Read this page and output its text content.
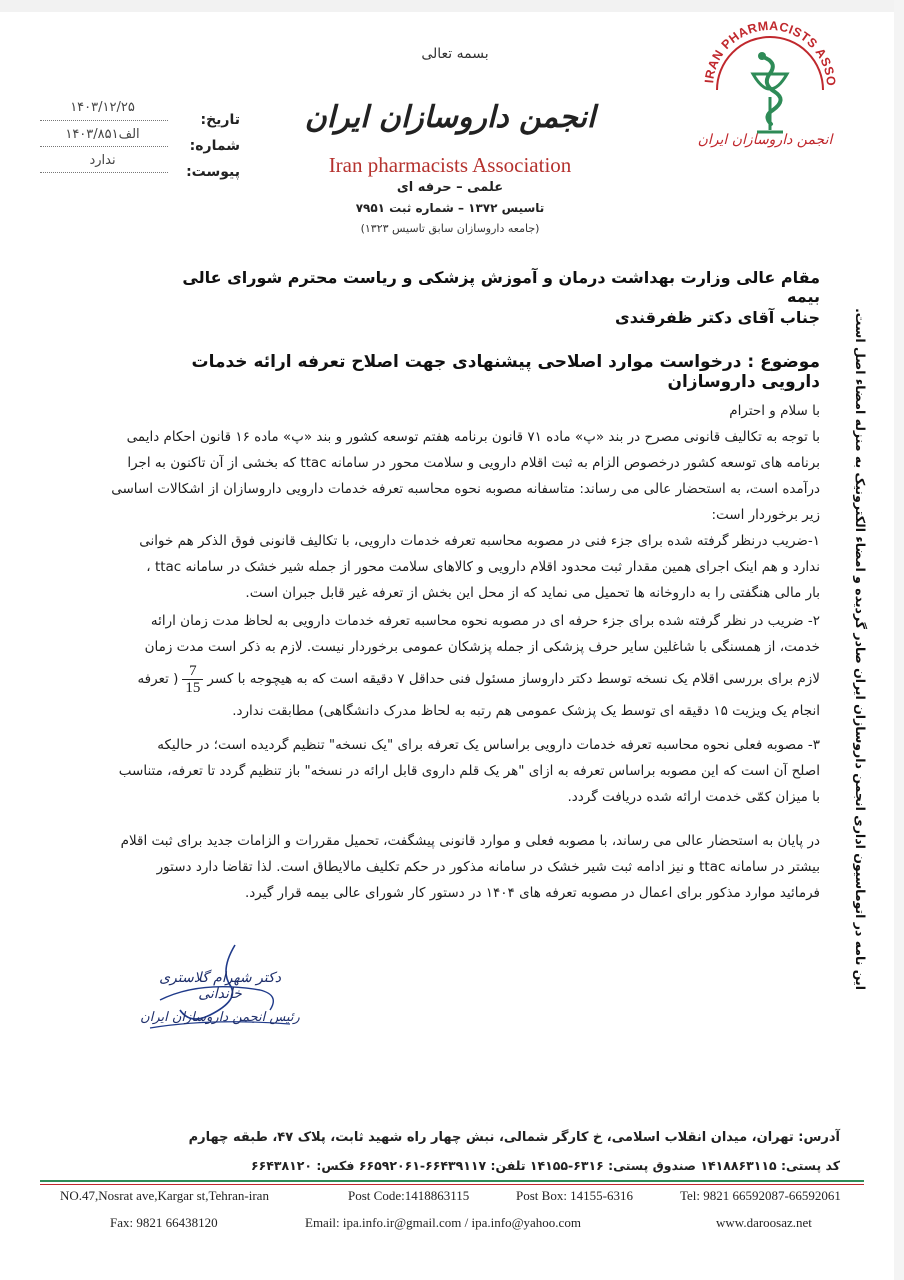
بسمه تعالی
انجمن داروسازان ایران
Iran pharmacists Association
علمی – حرفه ای
تاسیس ۱۳۷۲ – شماره ثبت ۷۹۵۱
(جامعه داروسازان سابق تاسیس ۱۳۲۳)
تاریخ:
۱۴۰۳/۱۲/۲۵
شماره:
۱۴۰۳/۸۵۱الف
پیوست:
ندارد
IRAN PHARMACISTS ASSO
انجمن داروسازان ایران
مقام عالی وزارت بهداشت درمان و آموزش پزشکی و ریاست محترم شورای عالی بیمه
جناب آقای دکتر ظفرقندی
موضوع : درخواست موارد اصلاحی پیشنهادی جهت اصلاح تعرفه ارائه خدمات دارویی داروسازان
با سلام و احترام
با توجه به تکالیف قانونی مصرح در بند «پ» ماده ۷۱ قانون برنامه هفتم توسعه کشور و بند «پ» ماده ۱۶ قانون احکام دایمی
برنامه های توسعه کشور درخصوص الزام به ثبت اقلام دارویی و سلامت محور در سامانه ttac که بخشی از آن تاکنون به اجرا
درآمده است، به استحضار عالی می رساند: متاسفانه مصوبه نحوه محاسبه تعرفه خدمات دارویی داروسازان از اشکالات اساسی
زیر برخوردار است:
۱-ضریب درنظر گرفته شده برای جزء فنی در مصوبه محاسبه تعرفه خدمات دارویی، با تکالیف قانونی فوق الذکر هم خوانی
ندارد و هم اینک اجرای همین مقدار ثبت محدود اقلام دارویی و کالاهای سلامت محور از جمله شیر خشک در سامانه ttac ،
بار مالی هنگفتی را به داروخانه ها تحمیل می نماید که از محل این بخش از تعرفه غیر قابل جبران است.
۲- ضریب در نظر گرفته شده برای جزء حرفه ای در مصوبه نحوه محاسبه تعرفه خدمات دارویی به لحاظ مدت زمان ارائه
خدمت، از همسنگی با شاغلین سایر حرف پزشکی از جمله پزشکان عمومی برخوردار نیست. لازم به ذکر است مدت زمان
لازم برای بررسی اقلام یک نسخه توسط دکتر داروساز مسئول فنی حداقل ۷ دقیقه است که به هیچوجه با کسر
$\frac{7}{15}$
( تعرفه
انجام یک ویزیت ۱۵ دقیقه ای توسط یک پزشک عمومی هم رتبه به لحاظ مدرک دانشگاهی) مطابقت ندارد.
۳- مصوبه فعلی نحوه محاسبه تعرفه خدمات دارویی براساس یک تعرفه برای "یک نسخه" تنظیم گردیده است؛ در حالیکه
اصلح آن است که این مصوبه براساس تعرفه به ازای "هر یک قلم داروی قابل ارائه در نسخه" باز تنظیم گردد تا تعرفه، متناسب
با میزان کمّی خدمت ارائه شده دریافت گردد.
در پایان به استحضار عالی می رساند، با مصوبه فعلی و موارد قانونی پیشگفت، تحمیل مقررات و الزامات جدید برای ثبت اقلام
بیشتر در سامانه ttac و نیز ادامه ثبت شیر خشک در سامانه مذکور در حکم تکلیف مالایطاق است. لذا تقاضا دارد دستور
فرمائید موارد مذکور برای اعمال در مصوبه تعرفه های ۱۴۰۴ در دستور کار شورای عالی بیمه قرار گیرد.	این نامه در اتوماسیون اداری انجمن داروسازان ایران صادر گردیده و امضاء الکترونیک به منزله امضاء اصل است.
دکتر شهرام گلاستری خاندانی
رئیس انجمن داروسازان ایران
آدرس: تهران، میدان انقلاب اسلامی، خ کارگر شمالی، نبش چهار راه شهید ثابت، پلاک ۴۷، طبقه چهارم
کد پستی: ۱۴۱۸۸۶۳۱۱۵ صندوق پستی: ۶۳۱۶-۱۴۱۵۵ تلفن: ۶۶۴۳۹۱۱۷-۶۶۵۹۲۰۶۱ فکس: ۶۶۴۳۸۱۲۰
NO.47,Nosrat ave,Kargar st,Tehran-iran	Post Code:1418863115	Post Box: 14155-6316	Tel: 9821 66592087-66592061
Fax: 9821 66438120	Email: ipa.info.ir@gmail.com / ipa.info@yahoo.com	www.daroosaz.net
